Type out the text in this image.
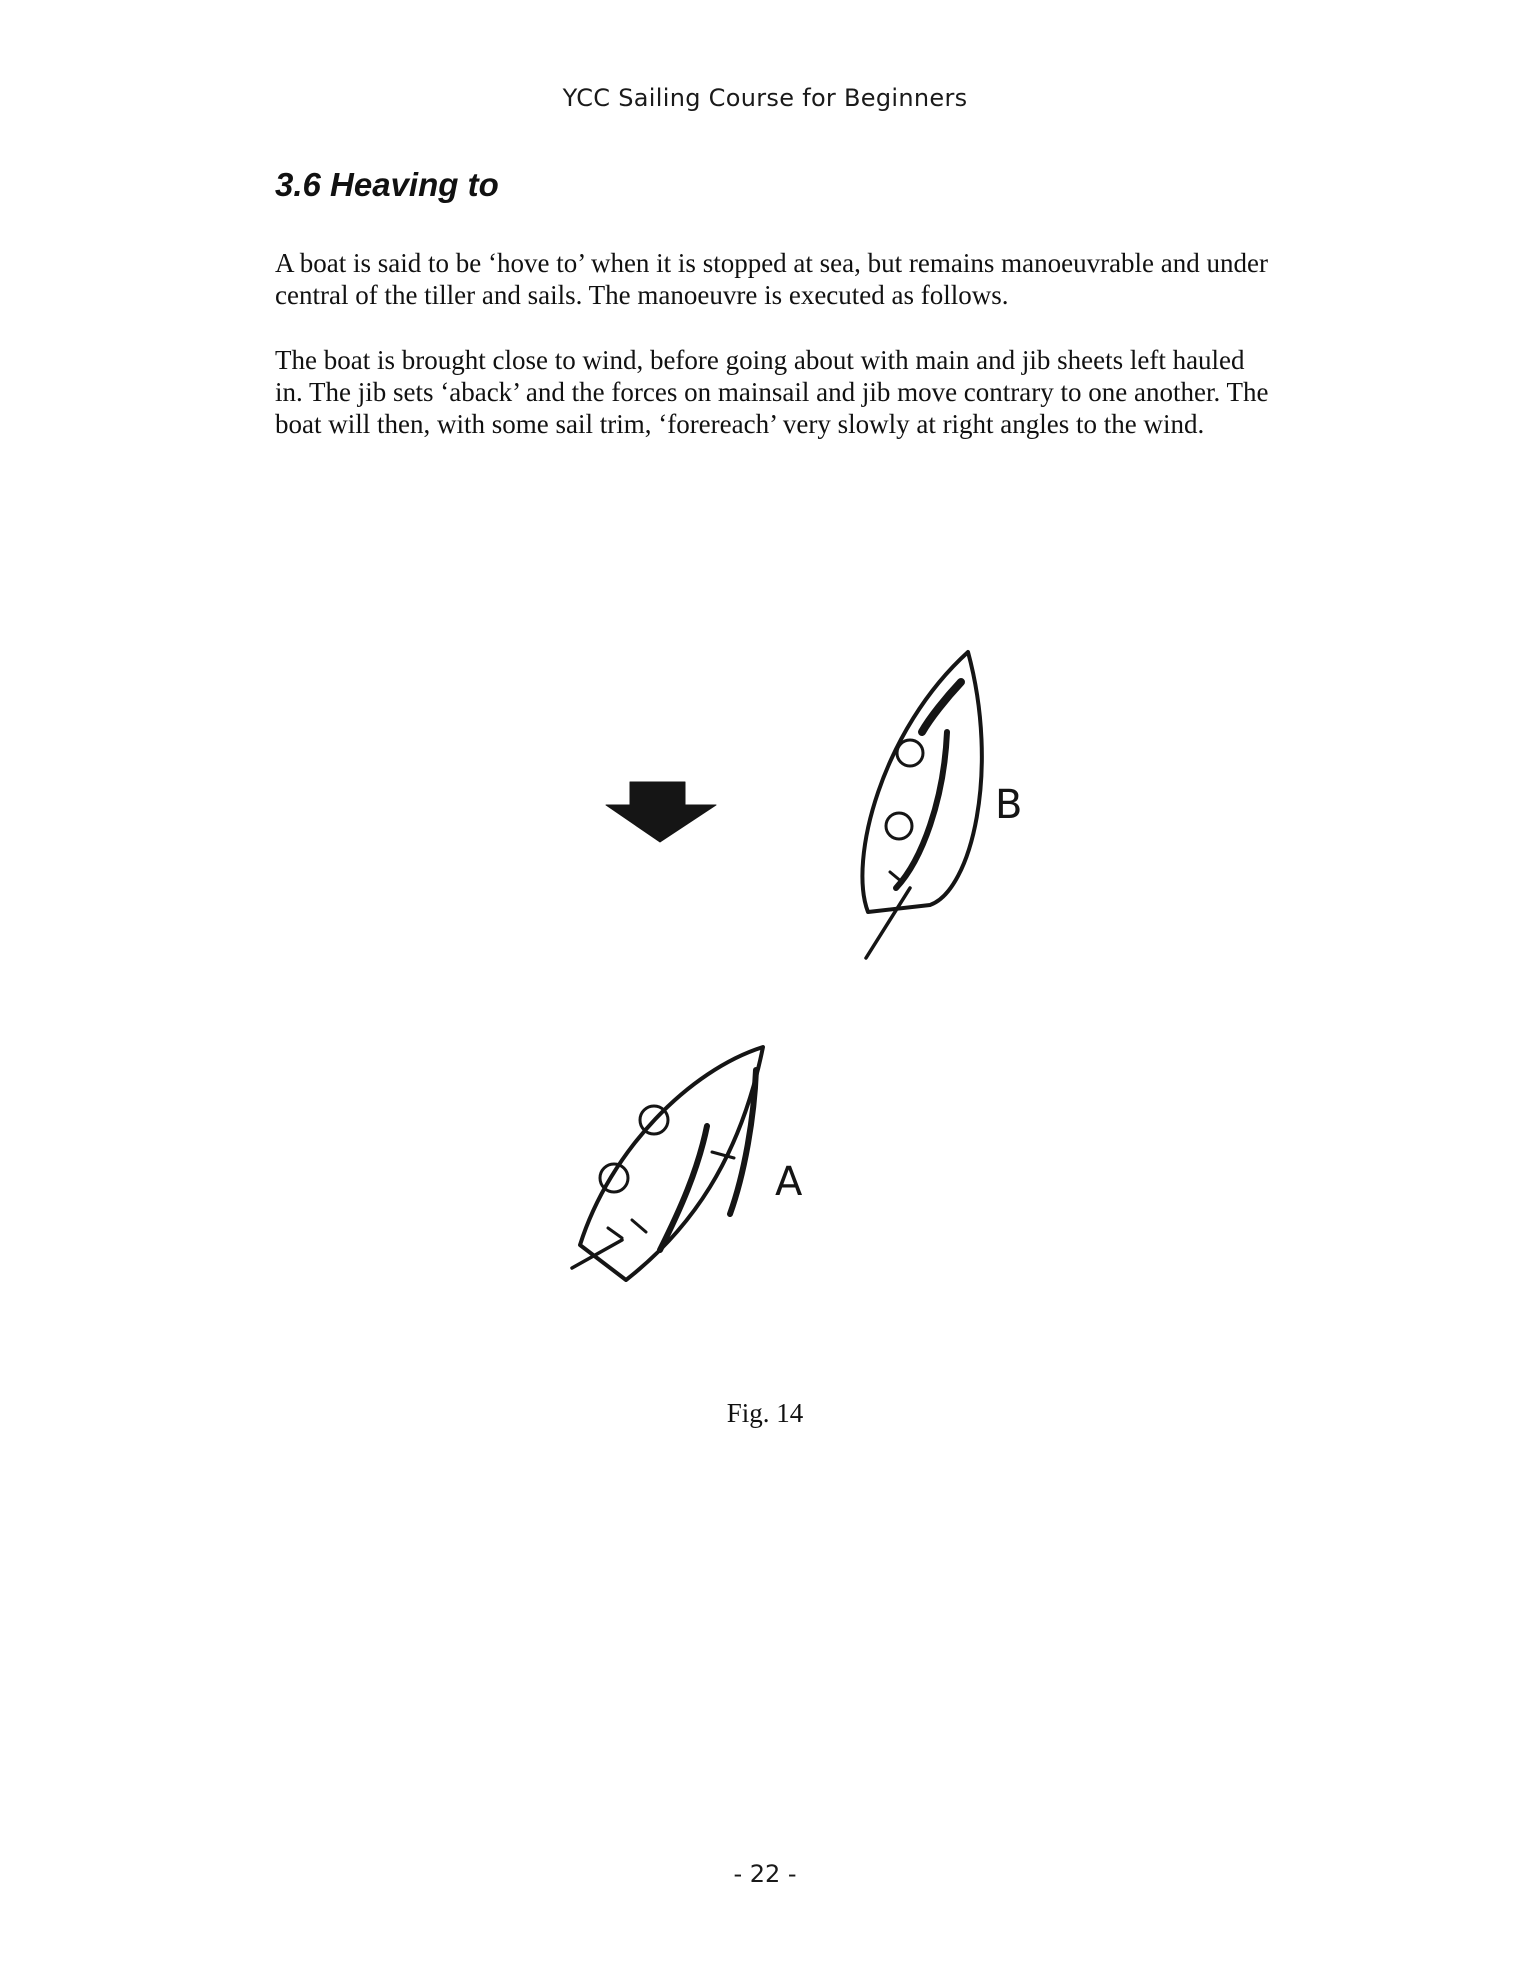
YCC Sailing Course for Beginners
3.6 Heaving to

A boat is said to be ‘hove to’ when it is stopped at sea, but remains manoeuvrable and under central of the tiller and sails. The manoeuvre is executed as follows.

The boat is brought close to wind, before going about with main and jib sheets left hauled in. The jib sets ‘aback’ and the forces on mainsail and jib move contrary to one another. The boat will then, with some sail trim, ‘forereach’ very slowly at right angles to the wind.

B
A
Fig. 14
- 22 -
